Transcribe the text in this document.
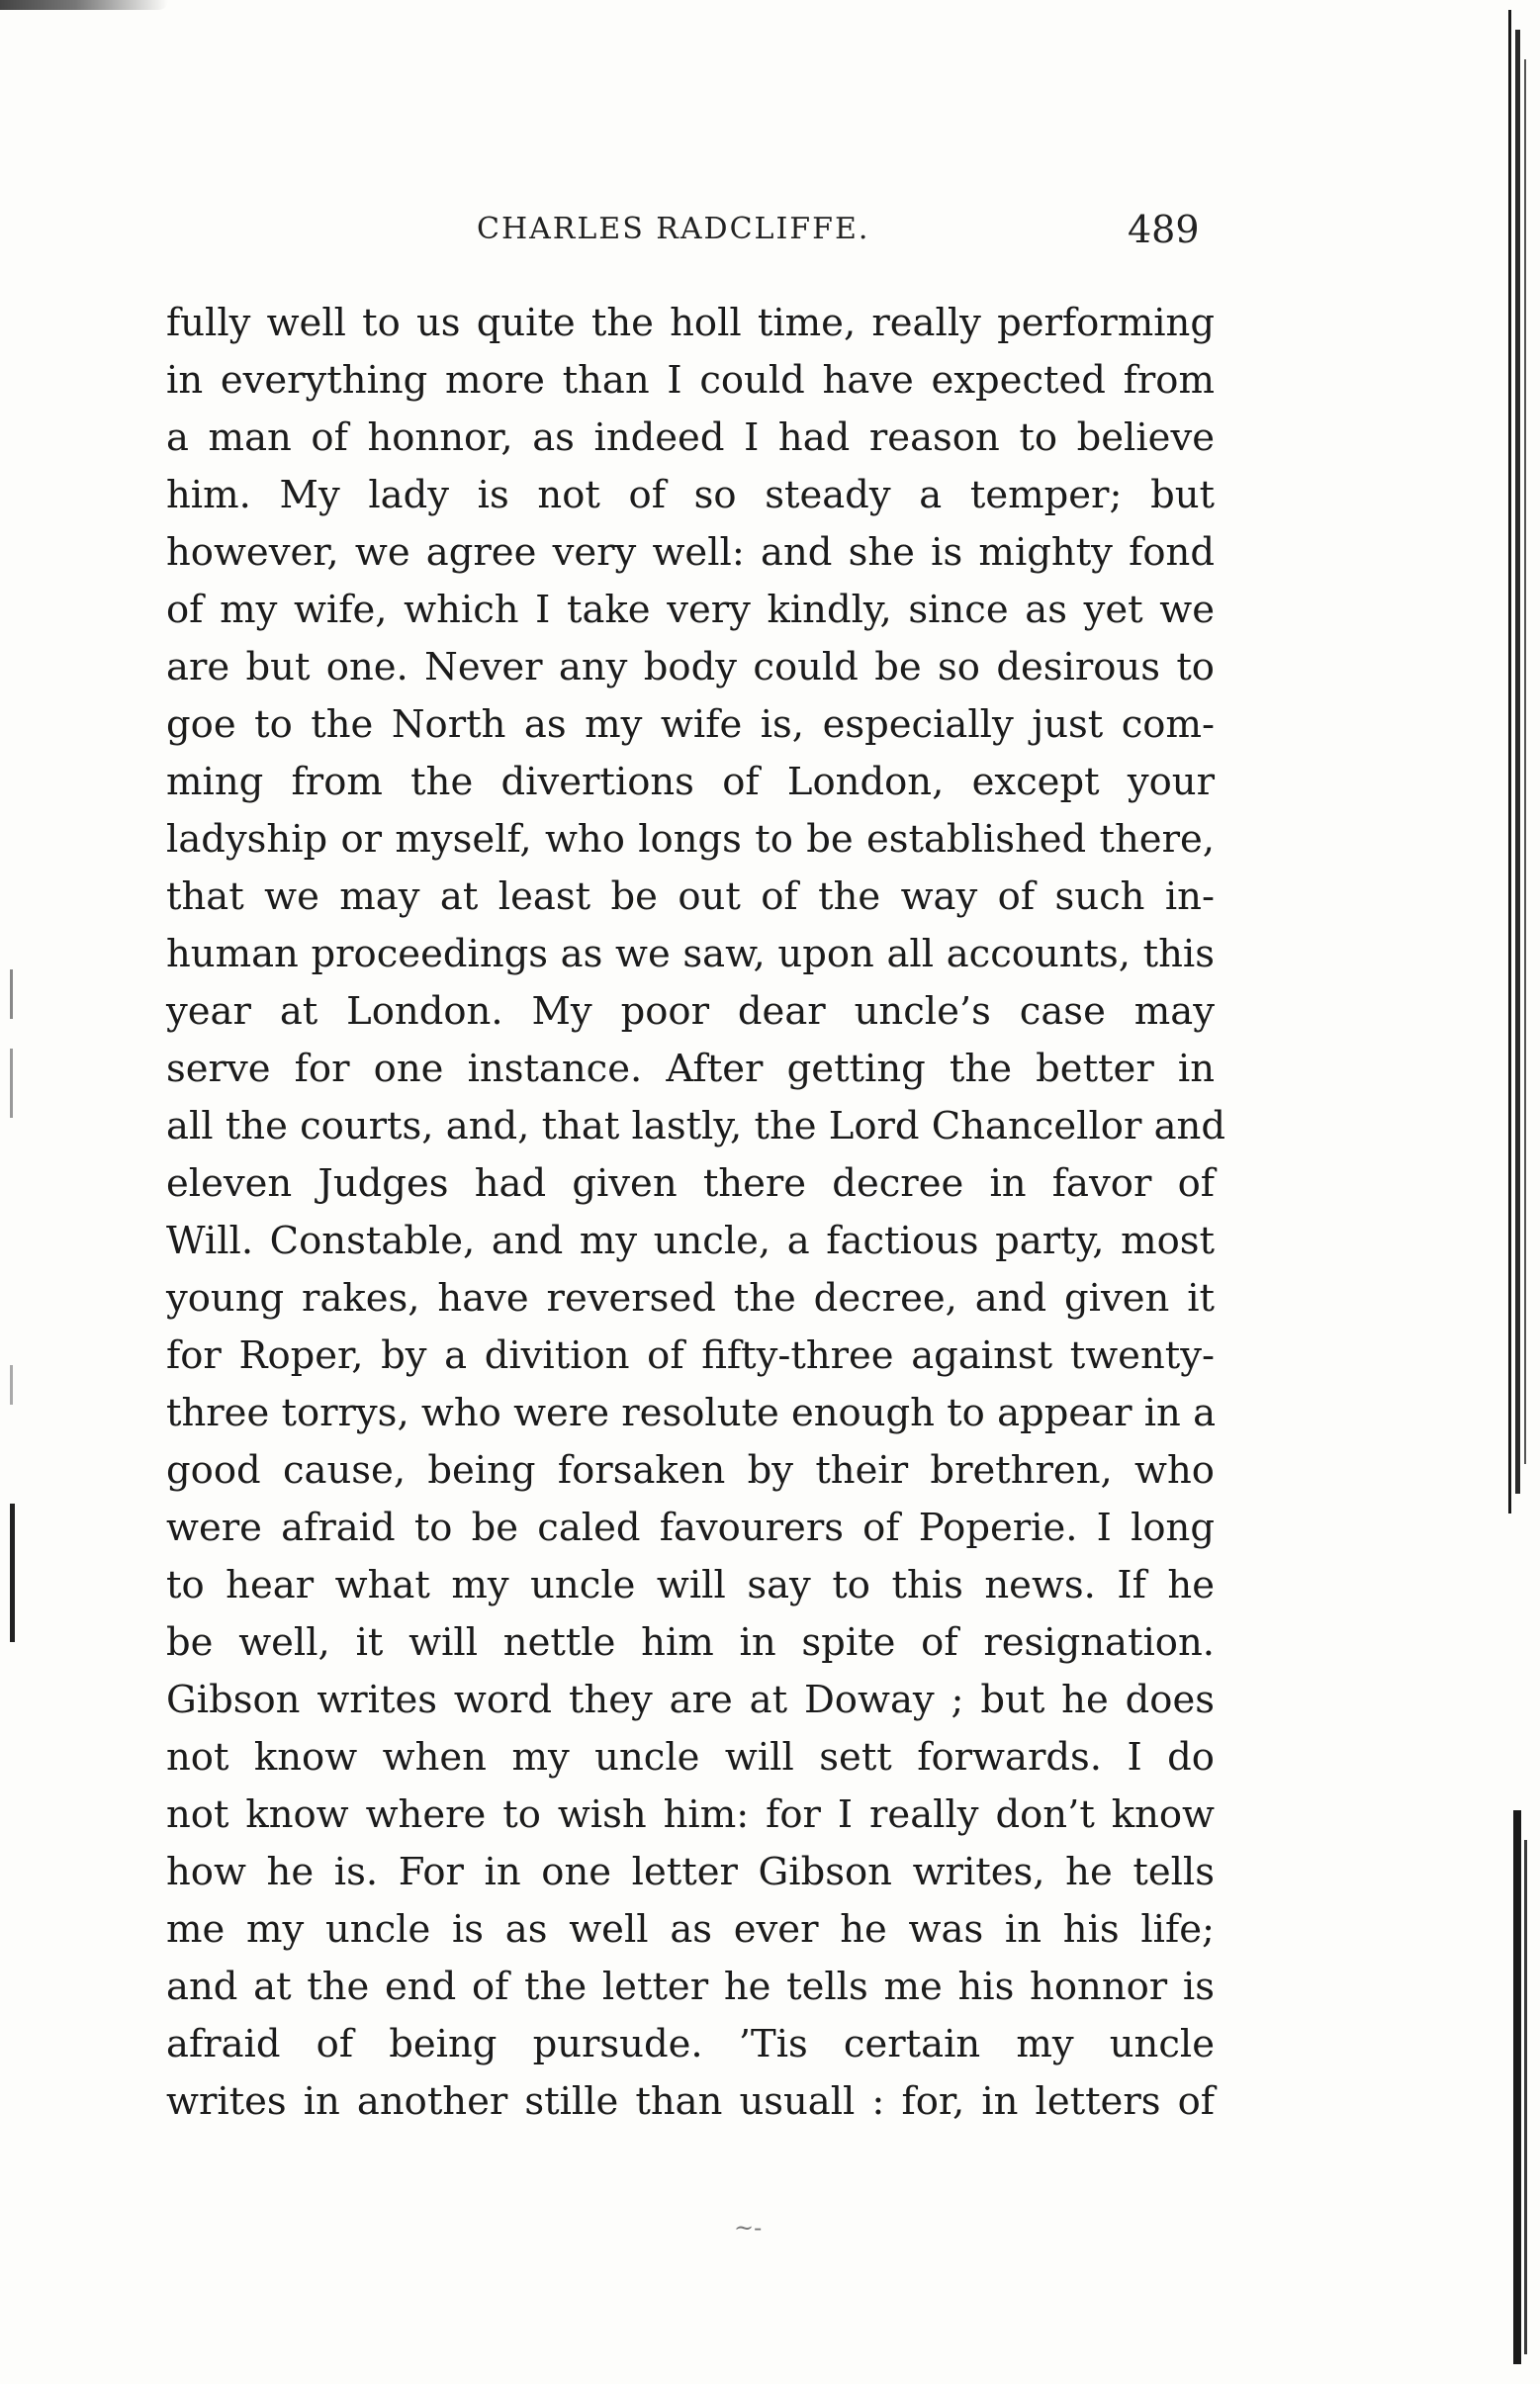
CHARLES RADCLIFFE.	489
fully well to us quite the holl time, really performing
in everything more than I could have expected from
a man of honnor, as indeed I had reason to believe
him. My lady is not of so steady a temper; but
however, we agree very well: and she is mighty fond
of my wife, which I take very kindly, since as yet we
are but one. Never any body could be so desirous to
goe to the North as my wife is, especially just com-
ming from the divertions of London, except your
ladyship or myself, who longs to be established there,
that we may at least be out of the way of such in-
human proceedings as we saw, upon all accounts, this
year at London. My poor dear uncle’s case may
serve for one instance. After getting the better in
all the courts, and, that lastly, the Lord Chancellor and
eleven Judges had given there decree in favor of
Will. Constable, and my uncle, a factious party, most
young rakes, have reversed the decree, and given it
for Roper, by a divition of fifty-three against twenty-
three torrys, who were resolute enough to appear in a
good cause, being forsaken by their brethren, who
were afraid to be caled favourers of Poperie. I long
to hear what my uncle will say to this news. If he
be well, it will nettle him in spite of resignation.
Gibson writes word they are at Doway ; but he does
not know when my uncle will sett forwards. I do
not know where to wish him: for I really don’t know
how he is. For in one letter Gibson writes, he tells
me my uncle is as well as ever he was in his life;
and at the end of the letter he tells me his honnor is
afraid of being pursude. ’Tis certain my uncle
writes in another stille than usuall : for, in letters of
~-
